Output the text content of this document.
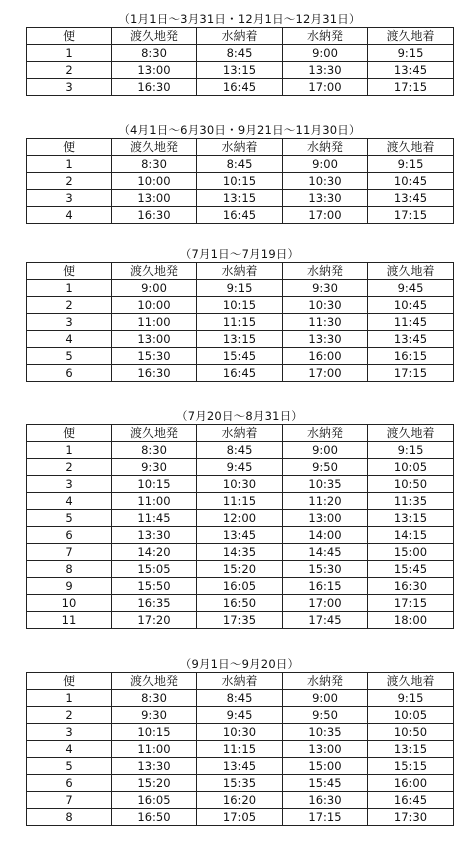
（1月1日～3月31日・12月1日～12月31日）
便	渡久地発	水納着	水納発	渡久地着
1	8:30	8:45	9:00	9:15
2	13:00	13:15	13:30	13:45
3	16:30	16:45	17:00	17:15
（4月1日～6月30日・9月21日～11月30日）
便	渡久地発	水納着	水納発	渡久地着
1	8:30	8:45	9:00	9:15
2	10:00	10:15	10:30	10:45
3	13:00	13:15	13:30	13:45
4	16:30	16:45	17:00	17:15
（7月1日～7月19日）
便	渡久地発	水納着	水納発	渡久地着
1	9:00	9:15	9:30	9:45
2	10:00	10:15	10:30	10:45
3	11:00	11:15	11:30	11:45
4	13:00	13:15	13:30	13:45
5	15:30	15:45	16:00	16:15
6	16:30	16:45	17:00	17:15
（7月20日～8月31日）
便	渡久地発	水納着	水納発	渡久地着
1	8:30	8:45	9:00	9:15
2	9:30	9:45	9:50	10:05
3	10:15	10:30	10:35	10:50
4	11:00	11:15	11:20	11:35
5	11:45	12:00	13:00	13:15
6	13:30	13:45	14:00	14:15
7	14:20	14:35	14:45	15:00
8	15:05	15:20	15:30	15:45
9	15:50	16:05	16:15	16:30
10	16:35	16:50	17:00	17:15
11	17:20	17:35	17:45	18:00
（9月1日～9月20日）
便	渡久地発	水納着	水納発	渡久地着
1	8:30	8:45	9:00	9:15
2	9:30	9:45	9:50	10:05
3	10:15	10:30	10:35	10:50
4	11:00	11:15	13:00	13:15
5	13:30	13:45	15:00	15:15
6	15:20	15:35	15:45	16:00
7	16:05	16:20	16:30	16:45
8	16:50	17:05	17:15	17:30
